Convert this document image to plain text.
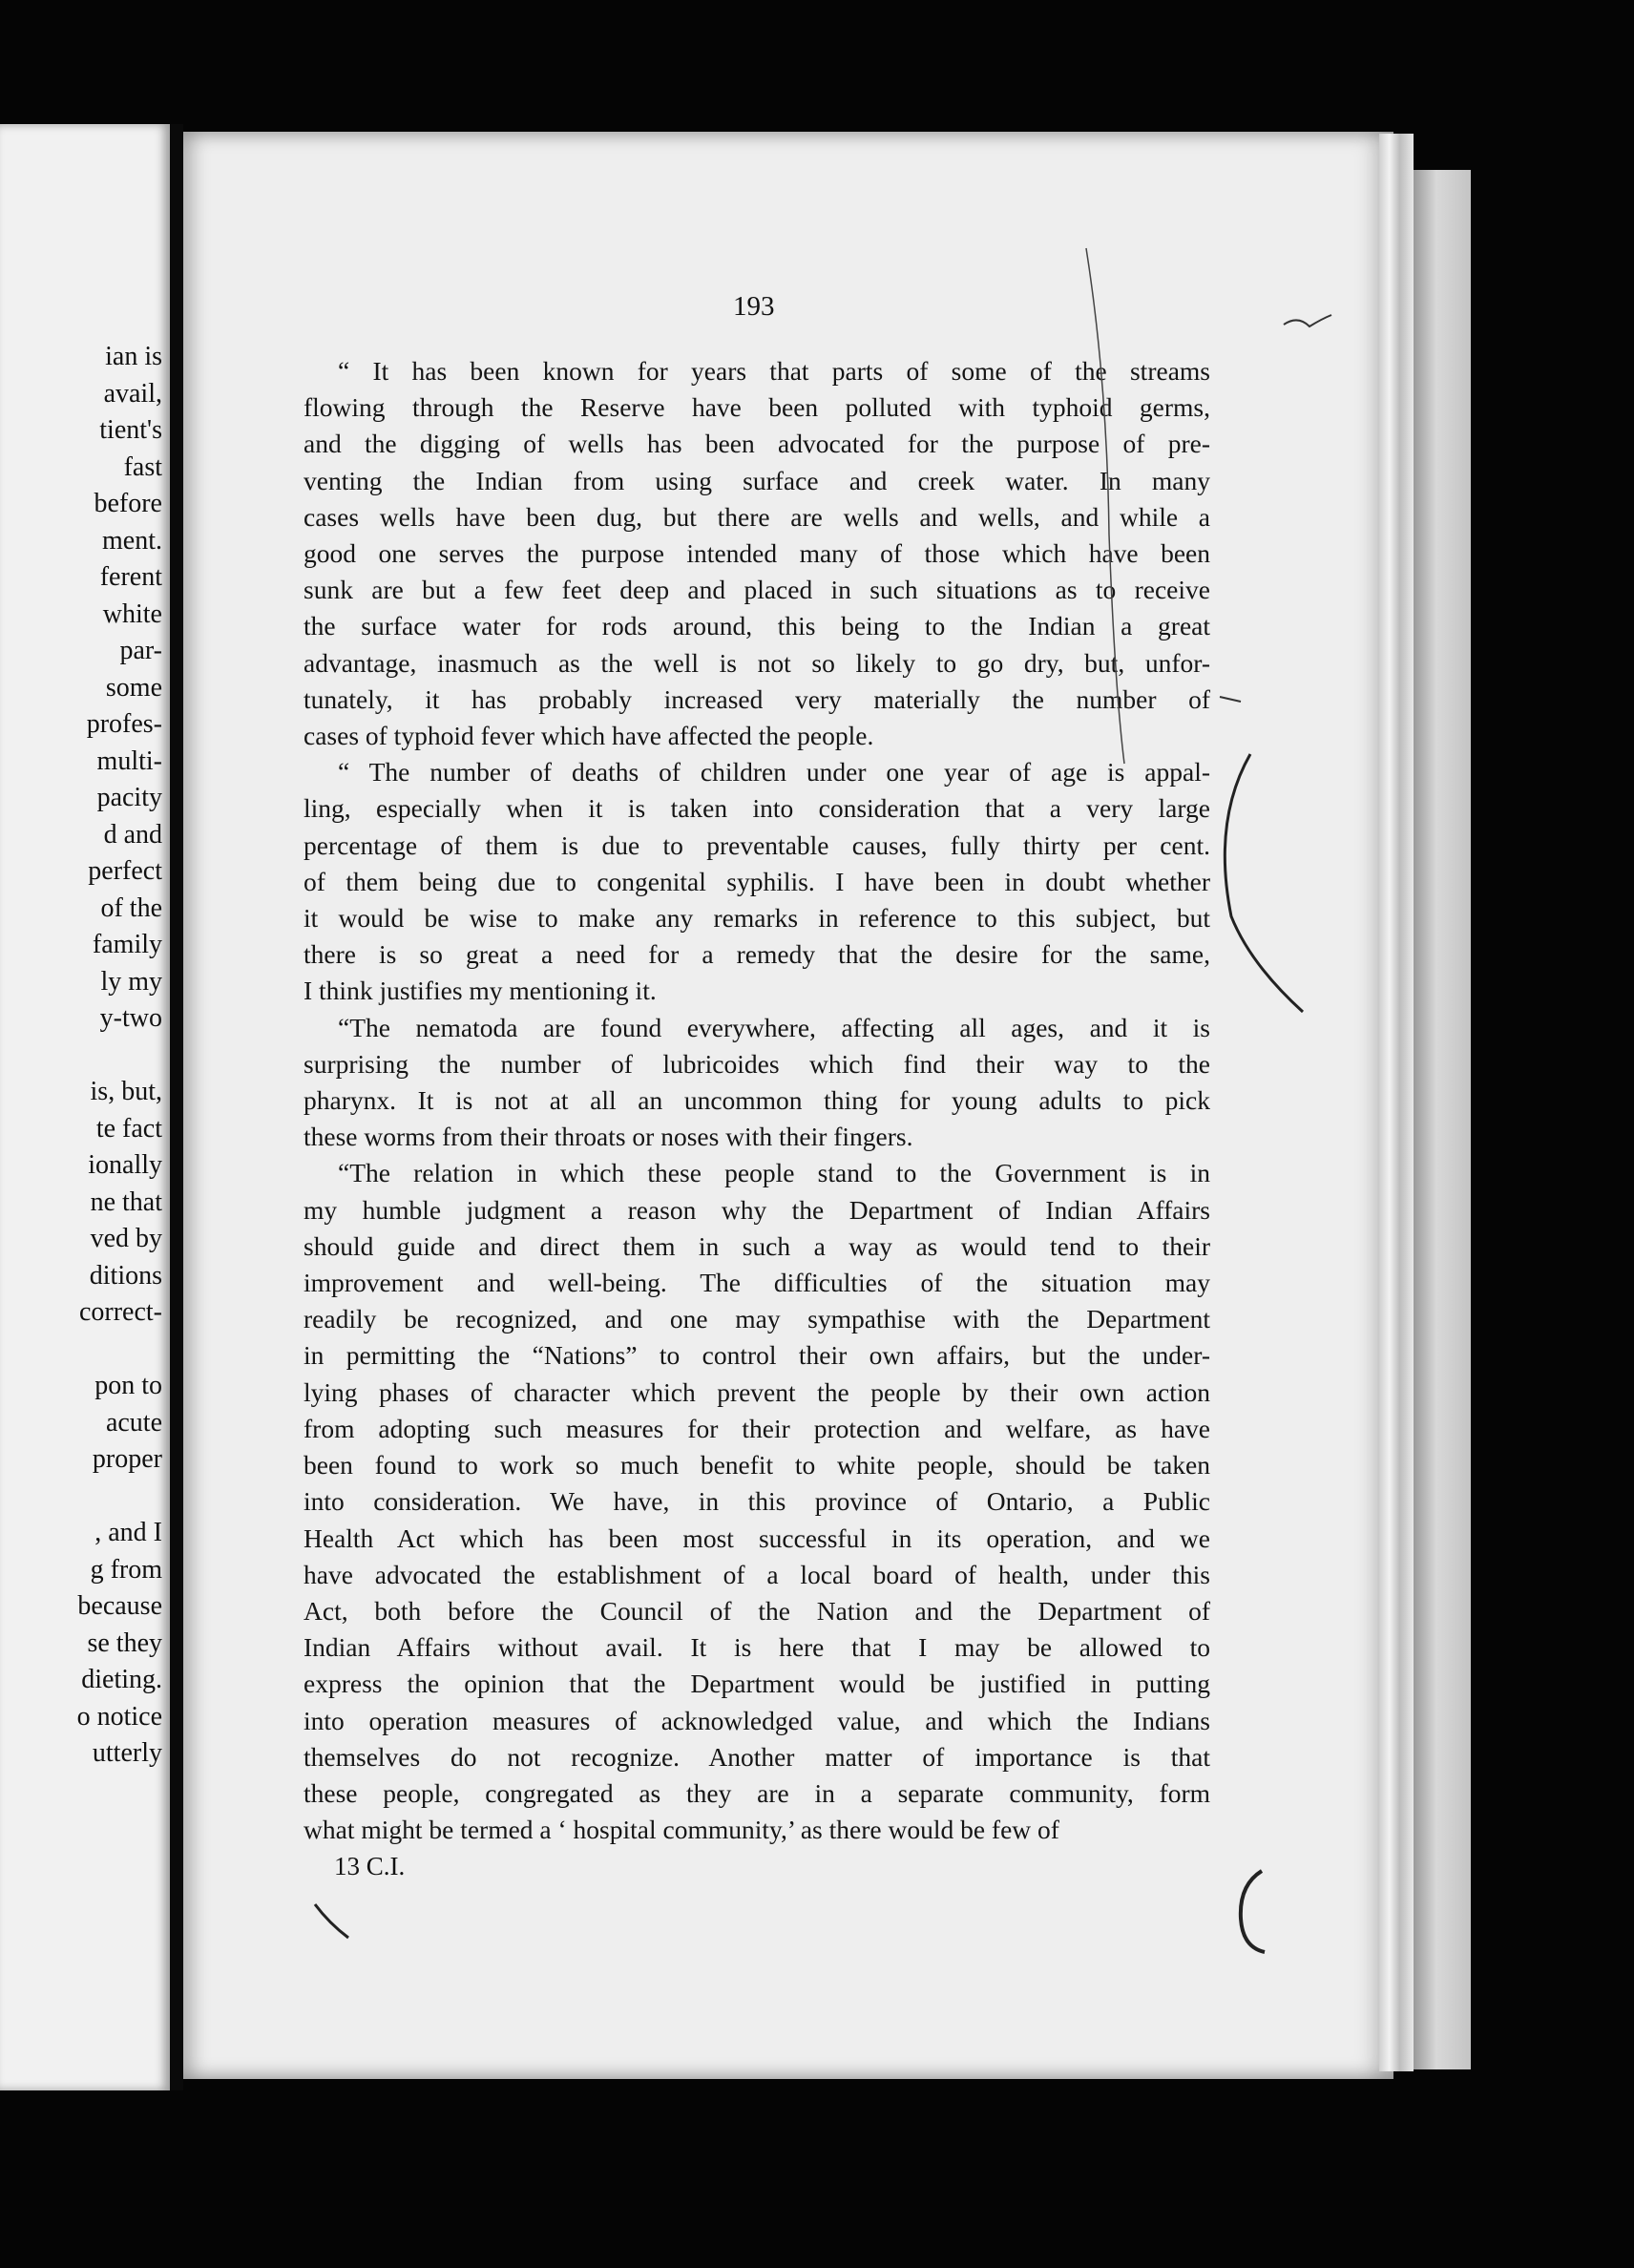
ian is
avail,
tient's
fast
before
ment.
ferent
white
par-
some
profes-
multi-
pacity
d and
perfect
of the
family
ly my
y-two
is, but,
te fact
ionally
ne that
ved by
ditions
correct-
pon to
acute
proper
, and I
g from
because
se they
dieting.
o notice
utterly
193
“ It has been known for years that parts of some of the streams
flowing through the Reserve have been polluted with typhoid germs,
and the digging of wells has been advocated for the purpose of pre-
venting the Indian from using surface and creek water. In many
cases wells have been dug, but there are wells and wells, and while a
good one serves the purpose intended many of those which have been
sunk are but a few feet deep and placed in such situations as to receive
the surface water for rods around, this being to the Indian a great
advantage, inasmuch as the well is not so likely to go dry, but, unfor-
tunately, it has probably increased very materially the number of
cases of typhoid fever which have affected the people.
“ The number of deaths of children under one year of age is appal-
ling, especially when it is taken into consideration that a very large
percentage of them is due to preventable causes, fully thirty per cent.
of them being due to congenital syphilis. I have been in doubt whether
it would be wise to make any remarks in reference to this subject, but
there is so great a need for a remedy that the desire for the same,
I think justifies my mentioning it.
“The nematoda are found everywhere, affecting all ages, and it is
surprising the number of lubricoides which find their way to the
pharynx. It is not at all an uncommon thing for young adults to pick
these worms from their throats or noses with their fingers.
“The relation in which these people stand to the Government is in
my humble judgment a reason why the Department of Indian Affairs
should guide and direct them in such a way as would tend to their
improvement and well-being. The difficulties of the situation may
readily be recognized, and one may sympathise with the Department
in permitting the “Nations” to control their own affairs, but the under-
lying phases of character which prevent the people by their own action
from adopting such measures for their protection and welfare, as have
been found to work so much benefit to white people, should be taken
into consideration. We have, in this province of Ontario, a Public
Health Act which has been most successful in its operation, and we
have advocated the establishment of a local board of health, under this
Act, both before the Council of the Nation and the Department of
Indian Affairs without avail. It is here that I may be allowed to
express the opinion that the Department would be justified in putting
into operation measures of acknowledged value, and which the Indians
themselves do not recognize. Another matter of importance is that
these people, congregated as they are in a separate community, form
what might be termed a ‘ hospital community,’ as there would be few of
13 C.I.
